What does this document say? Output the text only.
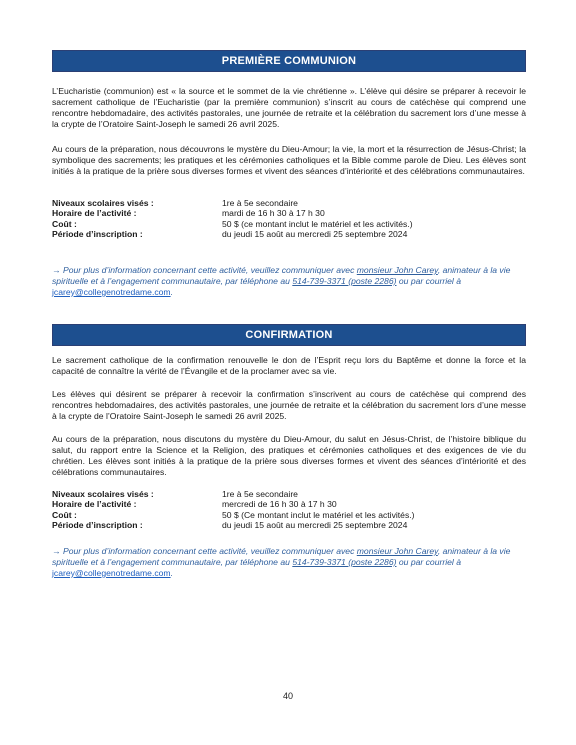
PREMIÈRE COMMUNION

L’Eucharistie (communion) est « la source et le sommet de la vie chrétienne ». L’élève qui désire se préparer à recevoir le sacrement catholique de l’Eucharistie (par la première communion) s’inscrit au cours de catéchèse qui comprend une rencontre hebdomadaire, des activités pastorales, une journée de retraite et la célébration du sacrement lors d’une messe à la crypte de l’Oratoire Saint-Joseph le samedi 26 avril 2025.

Au cours de la préparation, nous découvrons le mystère du Dieu-Amour; la vie, la mort et la résurrection de Jésus-Christ; la symbolique des sacrements; les pratiques et les cérémonies catholiques et la Bible comme parole de Dieu. Les élèves sont initiés à la pratique de la prière sous diverses formes et vivent des séances d’intériorité et des célébrations communautaires.

Niveaux scolaires visés :	1re à 5e secondaire
Horaire de l’activité :	mardi de 16 h 30 à 17 h 30
Coût :	50 $ (ce montant inclut le matériel et les activités.)
Période d’inscription :	du jeudi 15 août au mercredi 25 septembre 2024

→ Pour plus d’information concernant cette activité, veuillez communiquer avec monsieur John Carey, animateur à la vie spirituelle et à l’engagement communautaire, par téléphone au 514-739-3371 (poste 2286) ou par courriel à jcarey@collegenotredame.com.

CONFIRMATION

Le sacrement catholique de la confirmation renouvelle le don de l’Esprit reçu lors du Baptême et donne la force et la capacité de connaître la vérité de l’Évangile et de la proclamer avec sa vie.

Les élèves qui désirent se préparer à recevoir la confirmation s’inscrivent au cours de catéchèse qui comprend des rencontres hebdomadaires, des activités pastorales, une journée de retraite et la célébration du sacrement lors d’une messe à la crypte de l’Oratoire Saint-Joseph le samedi 26 avril 2025.

Au cours de la préparation, nous discutons du mystère du Dieu-Amour, du salut en Jésus-Christ, de l’histoire biblique du salut, du rapport entre la Science et la Religion, des pratiques et cérémonies catholiques et des exigences de vie du chrétien. Les élèves sont initiés à la pratique de la prière sous diverses formes et vivent des séances d’intériorité et des célébrations communautaires.

Niveaux scolaires visés :	1re à 5e secondaire
Horaire de l’activité :	mercredi de 16 h 30 à 17 h 30
Coût :	50 $ (Ce montant inclut le matériel et les activités.)
Période d’inscription :	du jeudi 15 août au mercredi 25 septembre 2024

→ Pour plus d’information concernant cette activité, veuillez communiquer avec monsieur John Carey, animateur à la vie spirituelle et à l’engagement communautaire, par téléphone au 514-739-3371 (poste 2286) ou par courriel à jcarey@collegenotredame.com.

40
